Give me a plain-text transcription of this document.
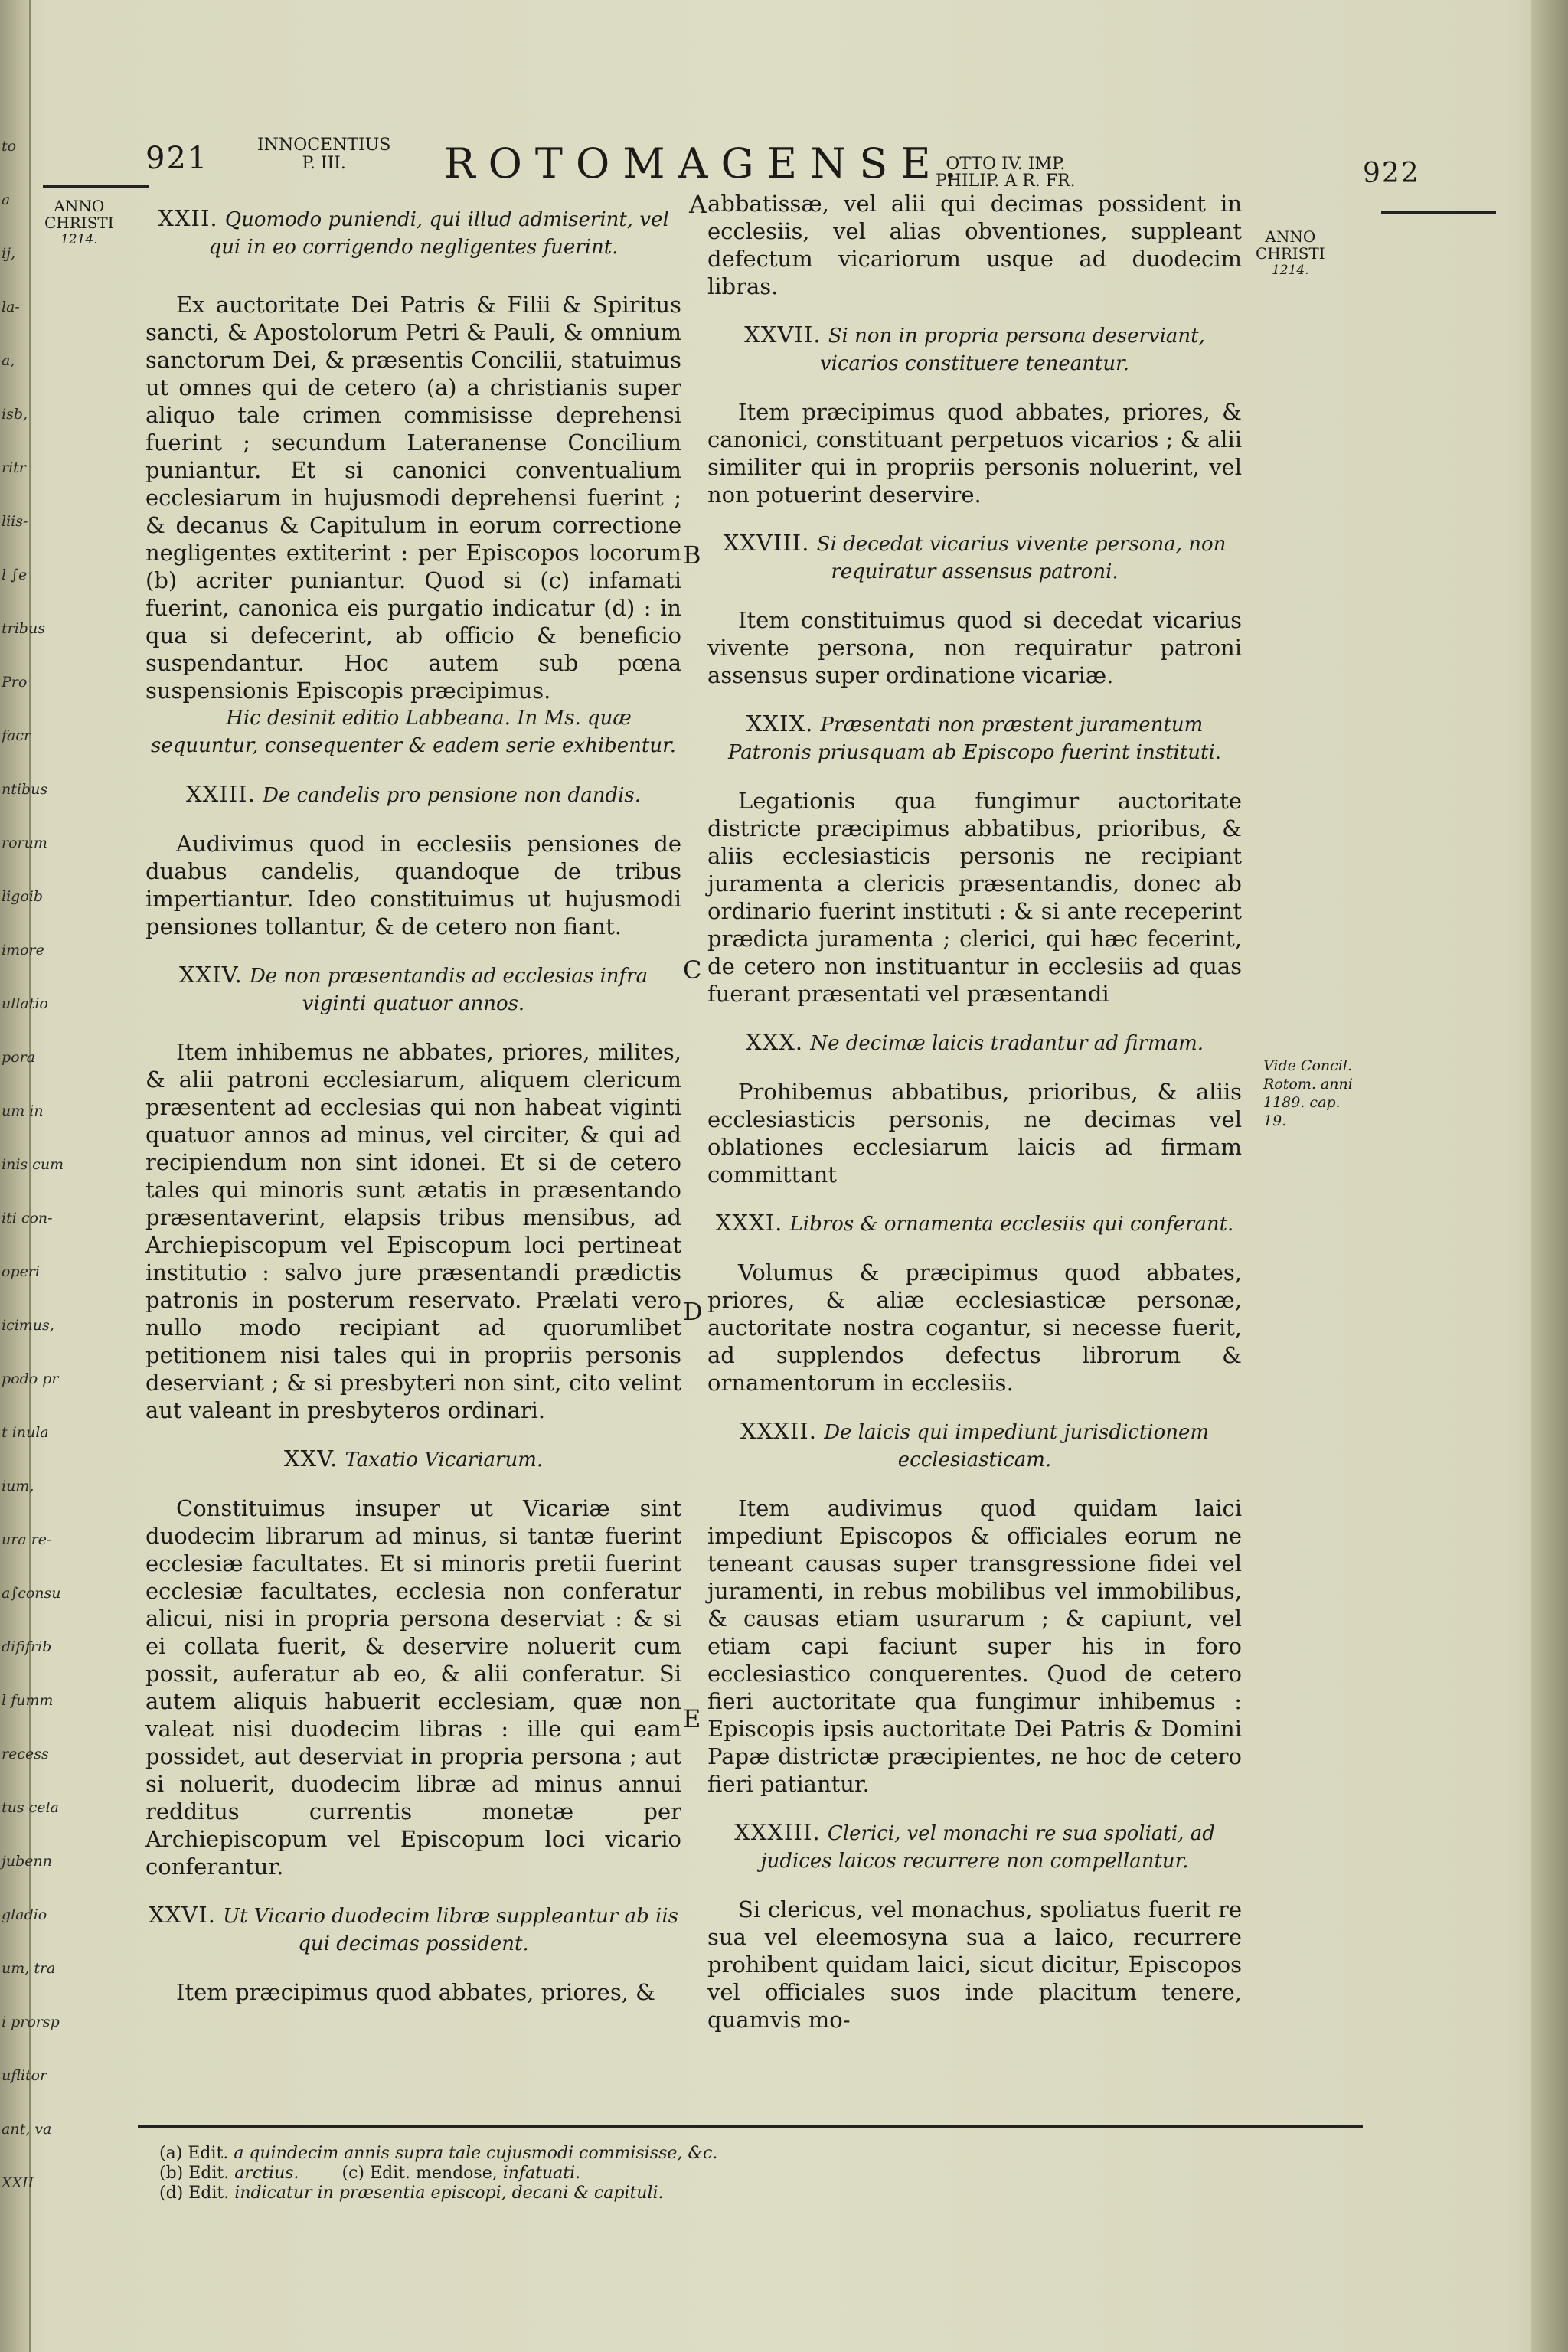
to
a
ij,
la-
a,
isb,
ritr
liis-
l ∫e
tribus
Pro
facr
ntibus
rorum
ligoib
imore
ullatio
pora
um in
inis cum
iti con-
operi
icimus,
podo pr
t inula
ium,
ura re-
a∫consu
dififrib
l fumm
recess
tus cela
jubenn
gladio
um, tra
i prorsp
uflitor
ant, va
XXII
921	INNOCENTIUS
P. III.	ROTOMAGENSE.
OTTO IV. IMP.
PHILIP. A R. FR.	922
ANNO
CHRISTI
1214.	ANNO
CHRISTI
1214.
Vide Concil.
Rotom. anni
1189. cap.
19.
A
B
C
D
E
XXII. Quomodo puniendi, qui illud admiserint, vel qui in eo corrigendo negligentes fuerint.

Ex auctoritate Dei Patris & Filii & Spiritus sancti, & Apostolorum Petri & Pauli, & omnium sanctorum Dei, & præsentis Concilii, statuimus ut omnes qui de cetero (a) a christianis super aliquo tale crimen commisisse deprehensi fuerint ; secundum Lateranense Concilium puniantur. Et si canonici conventualium ecclesiarum in hujusmodi deprehensi fuerint ; & decanus & Capitulum in eorum correctione negligentes extiterint : per Episcopos locorum (b) acriter puniantur. Quod si (c) infamati fuerint, canonica eis purgatio indicatur (d) : in qua si defecerint, ab officio & beneficio suspendantur. Hoc autem sub pœna suspensionis Episcopis præcipimus.

Hic desinit editio Labbeana. In Ms. quæ sequuntur, consequenter & eadem serie exhibentur.

XXIII. De candelis pro pensione non dandis.

Audivimus quod in ecclesiis pensiones de duabus candelis, quandoque de tribus impertiantur. Ideo constituimus ut hujusmodi pensiones tollantur, & de cetero non fiant.

XXIV. De non præsentandis ad ecclesias infra viginti quatuor annos.

Item inhibemus ne abbates, priores, milites, & alii patroni ecclesiarum, aliquem clericum præsentent ad ecclesias qui non habeat viginti quatuor annos ad minus, vel circiter, & qui ad recipiendum non sint idonei. Et si de cetero tales qui minoris sunt ætatis in præsentando præsentaverint, elapsis tribus mensibus, ad Archiepiscopum vel Episcopum loci pertineat institutio : salvo jure præsentandi prædictis patronis in posterum reservato. Prælati vero nullo modo recipiant ad quorumlibet petitionem nisi tales qui in propriis personis deserviant ; & si presbyteri non sint, cito velint aut valeant in presbyteros ordinari.

XXV. Taxatio Vicariarum.

Constituimus insuper ut Vicariæ sint duodecim librarum ad minus, si tantæ fuerint ecclesiæ facultates. Et si minoris pretii fuerint ecclesiæ facultates, ecclesia non conferatur alicui, nisi in propria persona deserviat : & si ei collata fuerit, & deservire noluerit cum possit, auferatur ab eo, & alii conferatur. Si autem aliquis habuerit ecclesiam, quæ non valeat nisi duodecim libras : ille qui eam possidet, aut deserviat in propria persona ; aut si noluerit, duodecim libræ ad minus annui redditus currentis monetæ per Archiepiscopum vel Episcopum loci vicario conferantur.

XXVI. Ut Vicario duodecim libræ suppleantur ab iis qui decimas possident.

Item præcipimus quod abbates, priores, &

abbatissæ, vel alii qui decimas possident in ecclesiis, vel alias obventiones, suppleant defectum vicariorum usque ad duodecim libras.

XXVII. Si non in propria persona deserviant, vicarios constituere teneantur.

Item præcipimus quod abbates, priores, & canonici, constituant perpetuos vicarios ; & alii similiter qui in propriis personis noluerint, vel non potuerint deservire.

XXVIII. Si decedat vicarius vivente persona, non requiratur assensus patroni.

Item constituimus quod si decedat vicarius vivente persona, non requiratur patroni assensus super ordinatione vicariæ.

XXIX. Præsentati non præstent juramentum Patronis priusquam ab Episcopo fuerint instituti.

Legationis qua fungimur auctoritate districte præcipimus abbatibus, prioribus, & aliis ecclesiasticis personis ne recipiant juramenta a clericis præsentandis, donec ab ordinario fuerint instituti : & si ante receperint prædicta juramenta ; clerici, qui hæc fecerint, de cetero non instituantur in ecclesiis ad quas fuerant præsentati vel præsentandi

XXX. Ne decimæ laicis tradantur ad firmam.

Prohibemus abbatibus, prioribus, & aliis ecclesiasticis personis, ne decimas vel oblationes ecclesiarum laicis ad firmam committant

XXXI. Libros & ornamenta ecclesiis qui conferant.

Volumus & præcipimus quod abbates, priores, & aliæ ecclesiasticæ personæ, auctoritate nostra cogantur, si necesse fuerit, ad supplendos defectus librorum & ornamentorum in ecclesiis.

XXXII. De laicis qui impediunt jurisdictionem ecclesiasticam.

Item audivimus quod quidam laici impediunt Episcopos & officiales eorum ne teneant causas super transgressione fidei vel juramenti, in rebus mobilibus vel immobilibus, & causas etiam usurarum ; & capiunt, vel etiam capi faciunt super his in foro ecclesiastico conquerentes. Quod de cetero fieri auctoritate qua fungimur inhibemus : Episcopis ipsis auctoritate Dei Patris & Domini Papæ districtæ præcipientes, ne hoc de cetero fieri patiantur.

XXXIII. Clerici, vel monachi re sua spoliati, ad judices laicos recurrere non compellantur.

Si clericus, vel monachus, spoliatus fuerit re sua vel eleemosyna sua a laico, recurrere prohibent quidam laici, sicut dicitur, Episcopos vel officiales suos inde placitum tenere, quamvis mo-

(a) Edit. a quindecim annis supra tale cujusmodi commisisse, &c.
(b) Edit. arctius.	(c) Edit. mendose, infatuati.
(d) Edit. indicatur in præsentia episcopi, decani & capituli.
